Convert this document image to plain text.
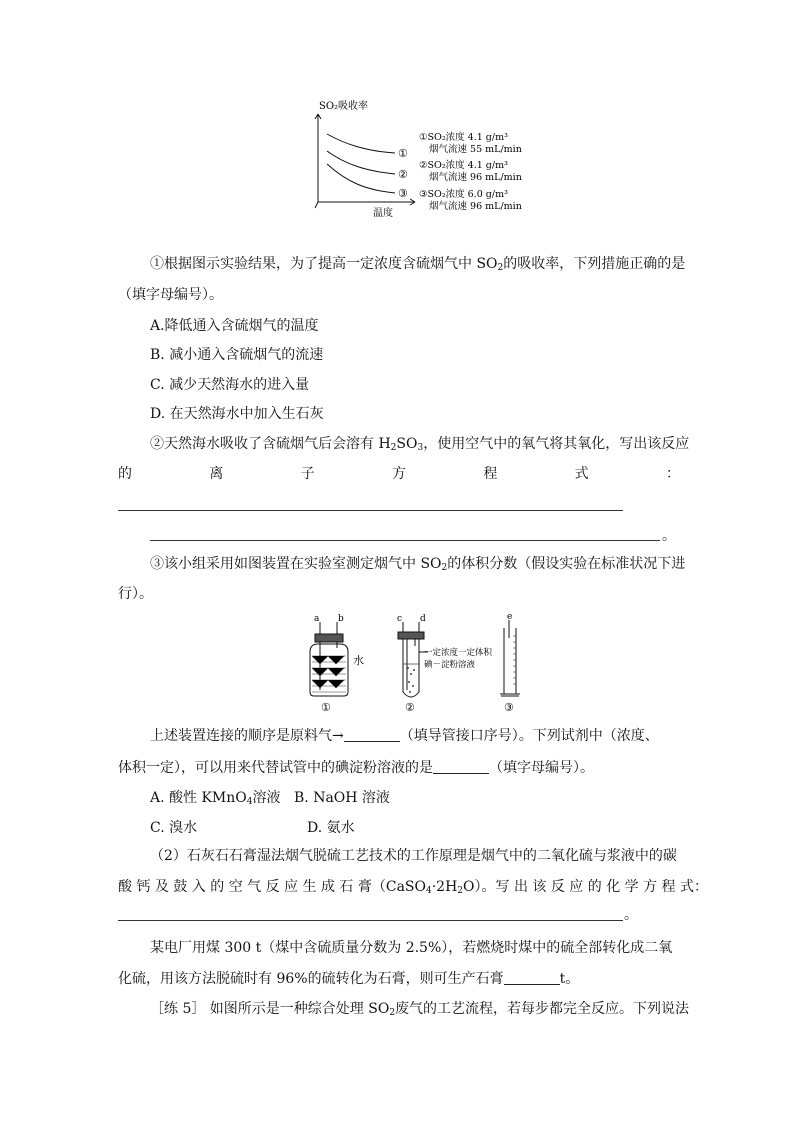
SO₂吸收率
温度
①
②
③
①SO₂浓度 4.1 g/m³
烟气流速 55 mL/min
②SO₂浓度 4.1 g/m³
烟气流速 96 mL/min
③SO₂浓度 6.0 g/m³
烟气流速 96 mL/min
①根据图示实验结果，为了提高一定浓度含硫烟气中 $SO_2$的吸收率，下列措施正确的是
（填字母编号）。
A.降低通入含硫烟气的温度
B. 减小通入含硫烟气的流速
C. 减少天然海水的进入量
D. 在天然海水中加入生石灰
②天然海水吸收了含硫烟气后会溶有 $H_2SO_3$，使用空气中的氧气将其氧化，写出该反应
的	离	子	方	程	式	：
。
③该小组采用如图装置在实验室测定烟气中 $SO_2$的体积分数（假设实验在标准状况下进
行）。
a b
水
①
c d
一定浓度一定体积
碘－淀粉溶液
②
e
③
上述装置连接的顺序是原料气→	（填导管接口序号）。下列试剂中（浓度、
体积一定），可以用来代替试管中的碘淀粉溶液的是	（填字母编号）。
A. 酸性 KMnO$_4$溶液 B. NaOH 溶液
C. 溴水	D. 氨水
（2）石灰石石膏湿法烟气脱硫工艺技术的工作原理是烟气中的二氧化硫与浆液中的碳
酸 钙 及 鼓 入 的 空 气 反 应 生 成 石 膏$(CaSO_4\cdot 2H_2O)$。写 出 该 反 应 的 化 学 方 程 式：
。
某电厂用煤 300 t（煤中含硫质量分数为 2.5%），若燃烧时煤中的硫全部转化成二氧
化硫，用该方法脱硫时有 96%的硫转化为石膏，则可生产石膏	t。
［练 5］ 如图所示是一种综合处理 $SO_2$废气的工艺流程，若每步都完全反应。下列说法
